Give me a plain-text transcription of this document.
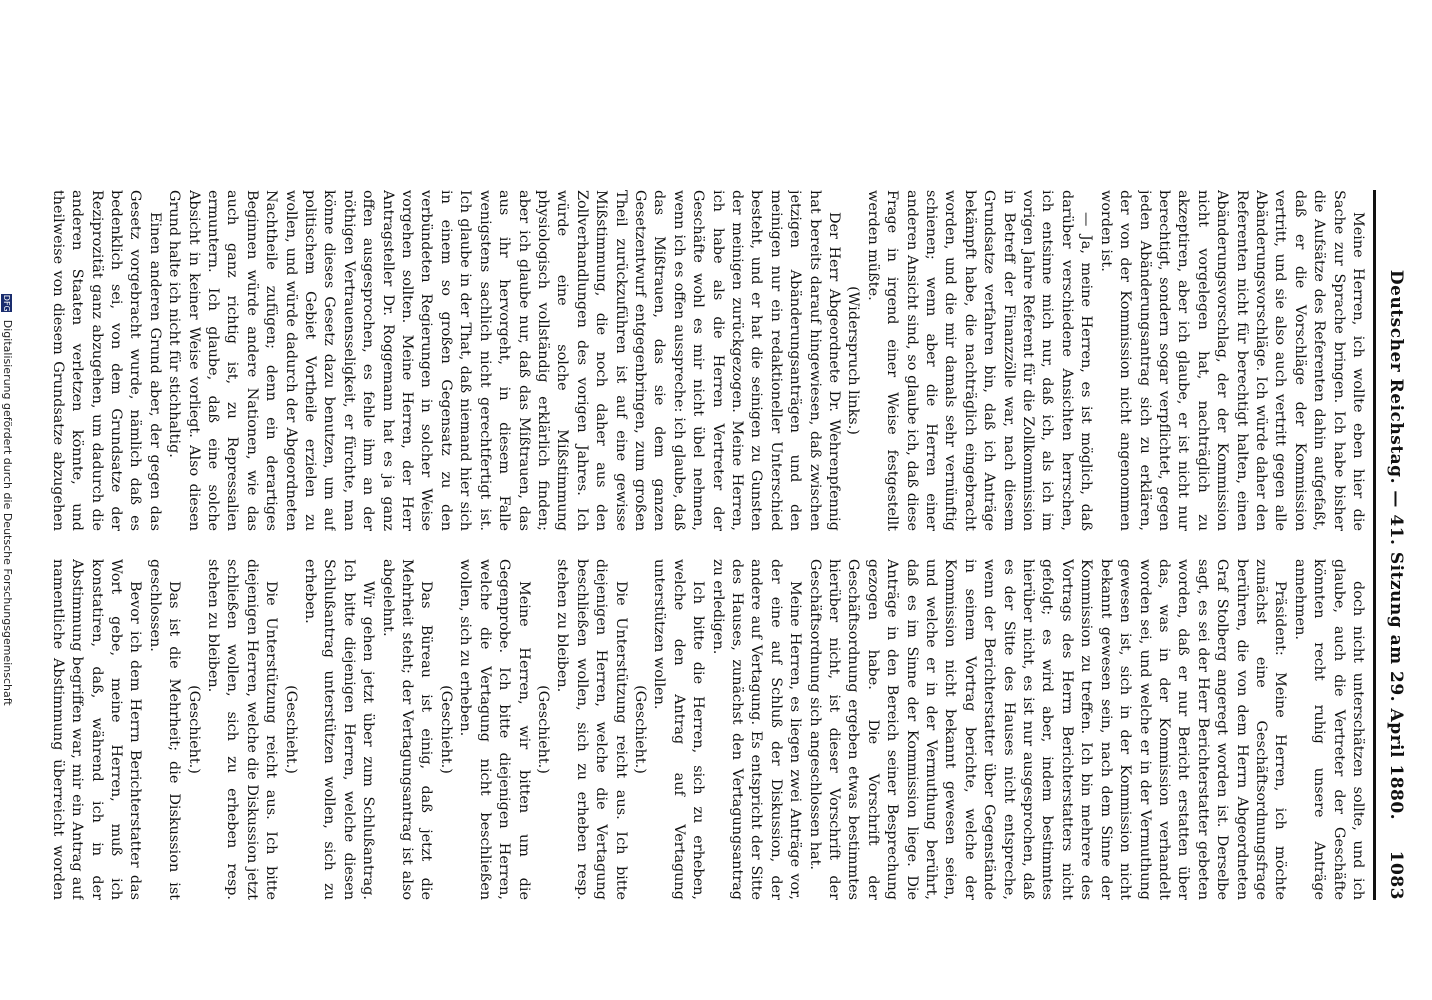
Deutscher Reichstag. — 41. Sitzung am 29. April 1880.
1083

Meine Herren, ich wollte eben hier die Sache zur Sprache bringen. Ich habe bisher die Aufsätze des Referenten dahin aufgefaßt, daß er die Vorschläge der Kommission vertritt, und sie also auch vertritt gegen alle Abänderungsvorschläge. Ich würde daher den Referenten nicht für berechtigt halten, einen Abänderungsvorschlag, der der Kommission nicht vorgelegen hat, nachträglich zu akzeptiren, aber ich glaube, er ist nicht nur berechtigt, sondern sogar verpflichtet, gegen jeden Abänderungsantrag sich zu erklären, der von der Kommission nicht angenommen worden ist.

— Ja, meine Herren, es ist möglich, daß darüber verschiedene Ansichten herrschen, ich entsinne mich nur, daß ich, als ich im vorigen Jahre Referent für die Zollkommission in Betreff der Finanzzölle war, nach diesem Grundsatze verfahren bin, daß ich Anträge bekämpft habe, die nachträglich eingebracht worden, und die mir damals sehr vernünftig schienen; wenn aber die Herren einer anderen Ansicht sind, so glaube ich, daß diese Frage in irgend einer Weise festgestellt werden müßte.

(Widerspruch links.)

Der Herr Abgeordnete Dr. Wehrenpfennig hat bereits darauf hingewiesen, daß zwischen jetzigen Abänderungsanträgen und den meinigen nur ein redaktioneller Unterschied besteht, und er hat die seinigen zu Gunsten der meinigen zurückgezogen. Meine Herren, ich habe als die Herren Vertreter der Geschäfte wohl es mir nicht übel nehmen, wenn ich es offen ausspreche: ich glaube, daß das Mißtrauen, das sie dem ganzen Gesetzentwurf entgegenbringen, zum großen Theil zurückzuführen ist auf eine gewisse Mißstimmung, die noch daher aus den Zollverhandlungen des vorigen Jahres. Ich würde eine solche Mißstimmung physiologisch vollständig erklärlich finden; aber ich glaube nur, daß das Mißtrauen, das aus ihr hervorgeht, in diesem Falle wenigstens sachlich nicht gerechtfertigt ist. Ich glaube in der That, daß niemand hier sich in einem so großen Gegensatz zu den verbündeten Regierungen in solcher Weise vorgehen sollten. Meine Herren, der Herr Antragsteller Dr. Roggemann hat es ja ganz offen ausgesprochen, es fehle ihm an der nöthigen Vertrauensseligkeit, er fürchte, man könne dieses Gesetz dazu benutzen, um auf politischem Gebiet Vortheile erzielen zu wollen, und würde dadurch der Abgeordneten Nachtheile zufügen; denn ein derartiges Beginnen würde andere Nationen, wie das auch ganz richtig ist, zu Repressalien ermuntern. Ich glaube, daß eine solche Absicht in keiner Weise vorliegt. Also diesen Grund halte ich nicht für stichhaltig.

Einen anderen Grund aber, der gegen das Gesetz vorgebracht wurde, nämlich daß es bedenklich sei, von dem Grundsatze der Reziprozität ganz abzugehen, um dadurch die anderen Staaten verletzen könnte, und theilweise von diesem Grundsatze abzugehen

doch nicht unterschätzen sollte, und ich glaube, auch die Vertreter der Geschäfte könnten recht ruhig unsere Anträge annehmen.

Präsident: Meine Herren, ich möchte zunächst eine Geschäftsordnungsfrage berühren, die von dem Herrn Abgeordneten Graf Stolberg angeregt worden ist. Derselbe sagt, es sei der Herr Berichterstatter gebeten worden, daß er nur Bericht erstatten über das, was in der Kommission verhandelt worden sei, und welche er in der Vermuthung gewesen ist, sich in der Kommission nicht bekannt gewesen sein, nach dem Sinne der Kommission zu treffen. Ich bin mehrere des Vortrags des Herrn Berichterstatters nicht gefolgt; es wird aber, indem bestimmtes hierüber nicht, es ist nur ausgesprochen, daß es der Sitte des Hauses nicht entspreche, wenn der Berichterstatter über Gegenstände in seinem Vortrag berichte, welche der Kommission nicht bekannt gewesen seien, und welche er in der Vermuthung berührt, daß es im Sinne der Kommission liege. Die Anträge in den Bereich seiner Besprechung gezogen habe. Die Vorschrift der Geschäftsordnung ergeben etwas bestimmtes hierüber nicht, ist dieser Vorschrift der Geschäftsordnung sich angeschlossen hat.

Meine Herren, es liegen zwei Anträge vor, der eine auf Schluß der Diskussion, der andere auf Vertagung. Es entspricht der Sitte des Hauses, zunächst den Vertagungsantrag zu erledigen.

Ich bitte die Herren, sich zu erheben, welche den Antrag auf Vertagung unterstützen wollen.

(Geschieht.)

Die Unterstützung reicht aus. Ich bitte diejenigen Herren, welche die Vertagung beschließen wollen, sich zu erheben resp. stehen zu bleiben.

(Geschieht.)

Meine Herren, wir bitten um die Gegenprobe. Ich bitte diejenigen Herren, welche die Vertagung nicht beschließen wollen, sich zu erheben.

(Geschieht.)

Das Büreau ist einig, daß jetzt die Mehrheit steht; der Vertagungsantrag ist also abgelehnt.

Wir gehen jetzt über zum Schlußantrag. Ich bitte diejenigen Herren, welche diesen Schlußantrag unterstützen wollen, sich zu erheben.

(Geschieht.)

Die Unterstützung reicht aus. Ich bitte diejenigen Herren, welche die Diskussion jetzt schließen wollen, sich zu erheben resp. stehen zu bleiben.

(Geschieht.)

Das ist die Mehrheit; die Diskussion ist geschlossen.

Bevor ich dem Herrn Berichterstatter das Wort gebe, meine Herren, muß ich konstatiren, daß, während ich in der Abstimmung begriffen war, mir ein Antrag auf namentliche Abstimmung überreicht worden

DFG Digitalisierung gefördert durch die Deutsche Forschungsgemeinschaft
